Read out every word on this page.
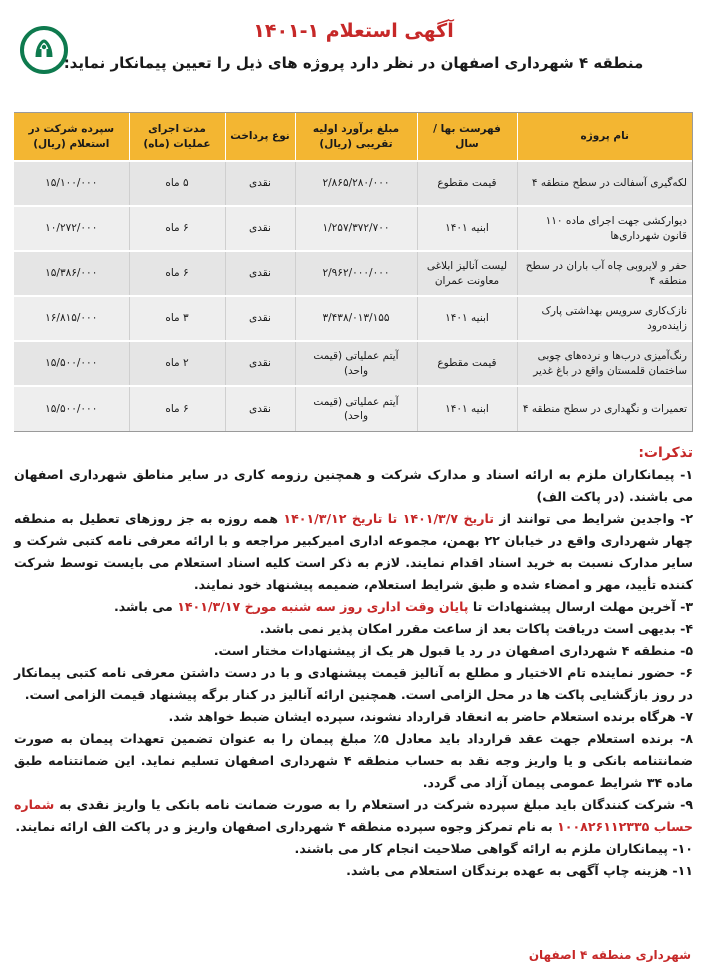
آگهی استعلام ۱-۱۴۰۱
منطقه ۴ شهرداری اصفهان در نظر دارد پروژه های ذیل را تعیین پیمانکار نماید:
نام پروژه	فهرست بها / سال	مبلغ برآورد اولیه تقریبی (ریال)	نوع پرداخت	مدت اجرای عملیات (ماه)	سپرده شرکت در استعلام (ریال)
لکه‌گیری آسفالت در سطح منطقه ۴	قیمت مقطوع	۲/۸۶۵/۲۸۰/۰۰۰	نقدی	۵ ماه	۱۵/۱۰۰/۰۰۰
دیوارکشی جهت اجرای ماده ۱۱۰ قانون شهرداری‌ها	ابنیه ۱۴۰۱	۱/۲۵۷/۳۷۲/۷۰۰	نقدی	۶ ماه	۱۰/۲۷۲/۰۰۰
حفر و لایروبی چاه آب باران در سطح منطقه ۴	لیست آنالیز ابلاغی معاونت عمران	۲/۹۶۲/۰۰۰/۰۰۰	نقدی	۶ ماه	۱۵/۳۸۶/۰۰۰
نازک‌کاری سرویس بهداشتی پارک زاینده‌رود	ابنیه ۱۴۰۱	۳/۴۳۸/۰۱۳/۱۵۵	نقدی	۳ ماه	۱۶/۸۱۵/۰۰۰
رنگ‌آمیزی درب‌ها و نرده‌های چوبی ساختمان قلمستان واقع در باغ غدیر	قیمت مقطوع	آیتم عملیاتی (قیمت واحد)	نقدی	۲ ماه	۱۵/۵۰۰/۰۰۰
تعمیرات و نگهداری در سطح منطقه ۴	ابنیه ۱۴۰۱	آیتم عملیاتی (قیمت واحد)	نقدی	۶ ماه	۱۵/۵۰۰/۰۰۰
تذکرات:
۱- پیمانکاران ملزم به ارائه اسناد و مدارک شرکت و همچنین رزومه کاری در سایر مناطق شهرداری اصفهان می باشند. (در پاکت الف)
۲- واجدین شرایط می توانند از تاریخ ۱۴۰۱/۳/۷ تا تاریخ ۱۴۰۱/۳/۱۲ همه روزه به جز روزهای تعطیل به منطقه چهار شهرداری واقع در خیابان ۲۲ بهمن، مجموعه اداری امیرکبیر مراجعه و با ارائه معرفی نامه کتبی شرکت و سایر مدارک نسبت به خرید اسناد اقدام نمایند. لازم به ذکر است کلیه اسناد استعلام می بایست توسط شرکت کننده تأیید، مهر و امضاء شده و طبق شرایط استعلام، ضمیمه پیشنهاد خود نمایند.
۳- آخرین مهلت ارسال پیشنهادات تا پایان وقت اداری روز سه شنبه مورخ ۱۴۰۱/۳/۱۷ می باشد.
۴- بدیهی است دریافت پاکات بعد از ساعت مقرر امکان پذیر نمی باشد.
۵- منطقه ۴ شهرداری اصفهان در رد یا قبول هر یک از پیشنهادات مختار است.
۶- حضور نماینده تام الاختیار و مطلع به آنالیز قیمت پیشنهادی و با در دست داشتن معرفی نامه کتبی پیمانکار در روز بازگشایی پاکت ها در محل الزامی است. همچنین ارائه آنالیز در کنار برگه پیشنهاد قیمت الزامی است.
۷- هرگاه برنده استعلام حاضر به انعقاد قرارداد نشوند، سپرده ایشان ضبط خواهد شد.
۸- برنده استعلام جهت عقد قرارداد باید معادل ۵٪ مبلغ پیمان را به عنوان تضمین تعهدات پیمان به صورت ضمانتنامه بانکی و یا واریز وجه نقد به حساب منطقه ۴ شهرداری اصفهان تسلیم نماید. این ضمانتنامه طبق ماده ۳۴ شرایط عمومی پیمان آزاد می گردد.
۹- شرکت کنندگان باید مبلغ سپرده شرکت در استعلام را به صورت ضمانت نامه بانکی یا واریز نقدی به شماره حساب ۱۰۰۸۲۶۱۱۲۳۳۵ به نام تمرکز وجوه سپرده منطقه ۴ شهرداری اصفهان واریز و در پاکت الف ارائه نمایند.
۱۰- پیمانکاران ملزم به ارائه گواهی صلاحیت انجام کار می باشند.
۱۱- هزینه چاپ آگهی به عهده برندگان استعلام می باشد.
شهرداری منطقه ۴ اصفهان
